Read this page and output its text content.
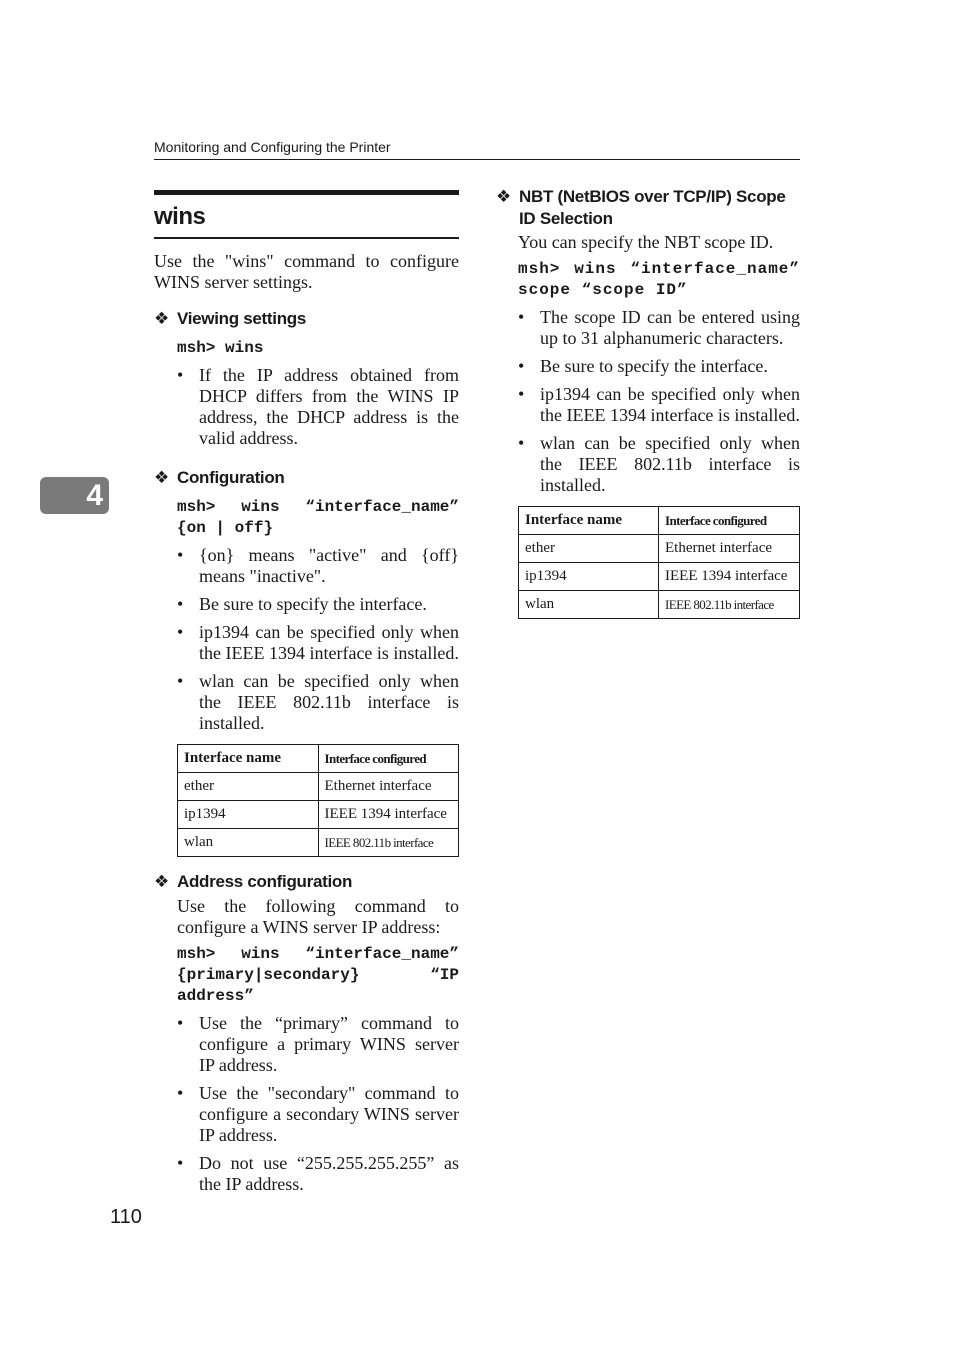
Monitoring and Configuring the Printer
4
wins

Use the "wins" command to configure WINS server settings.

❖ Viewing settings
msh> wins
• If the IP address obtained from DHCP differs from the WINS IP address, the DHCP address is the valid address.
❖ Configuration
msh> wins “interface_name” {on | off}
• {on} means "active" and {off} means "inactive".
• Be sure to specify the interface.
• ip1394 can be specified only when the IEEE 1394 interface is installed.
• wlan can be specified only when the IEEE 802.11b interface is installed.
Interface name	Interface configured
ether	Ethernet interface
ip1394	IEEE 1394 interface
wlan	IEEE 802.11b interface
❖ Address configuration

Use the following command to configure a WINS server IP address:

msh> wins “interface_name” {primary|secondary} “IP address”
• Use the “primary” command to configure a primary WINS server IP address.
• Use the "secondary" command to configure a secondary WINS server IP address.
• Do not use “255.255.255.255” as the IP address.
❖ NBT (NetBIOS over TCP/IP) Scope ID Selection

You can specify the NBT scope ID.

msh> wins “interface_name” scope “scope ID”
• The scope ID can be entered using up to 31 alphanumeric characters.
• Be sure to specify the interface.
• ip1394 can be specified only when the IEEE 1394 interface is installed.
• wlan can be specified only when the IEEE 802.11b interface is installed.
Interface name	Interface configured
ether	Ethernet interface
ip1394	IEEE 1394 interface
wlan	IEEE 802.11b interface
110
